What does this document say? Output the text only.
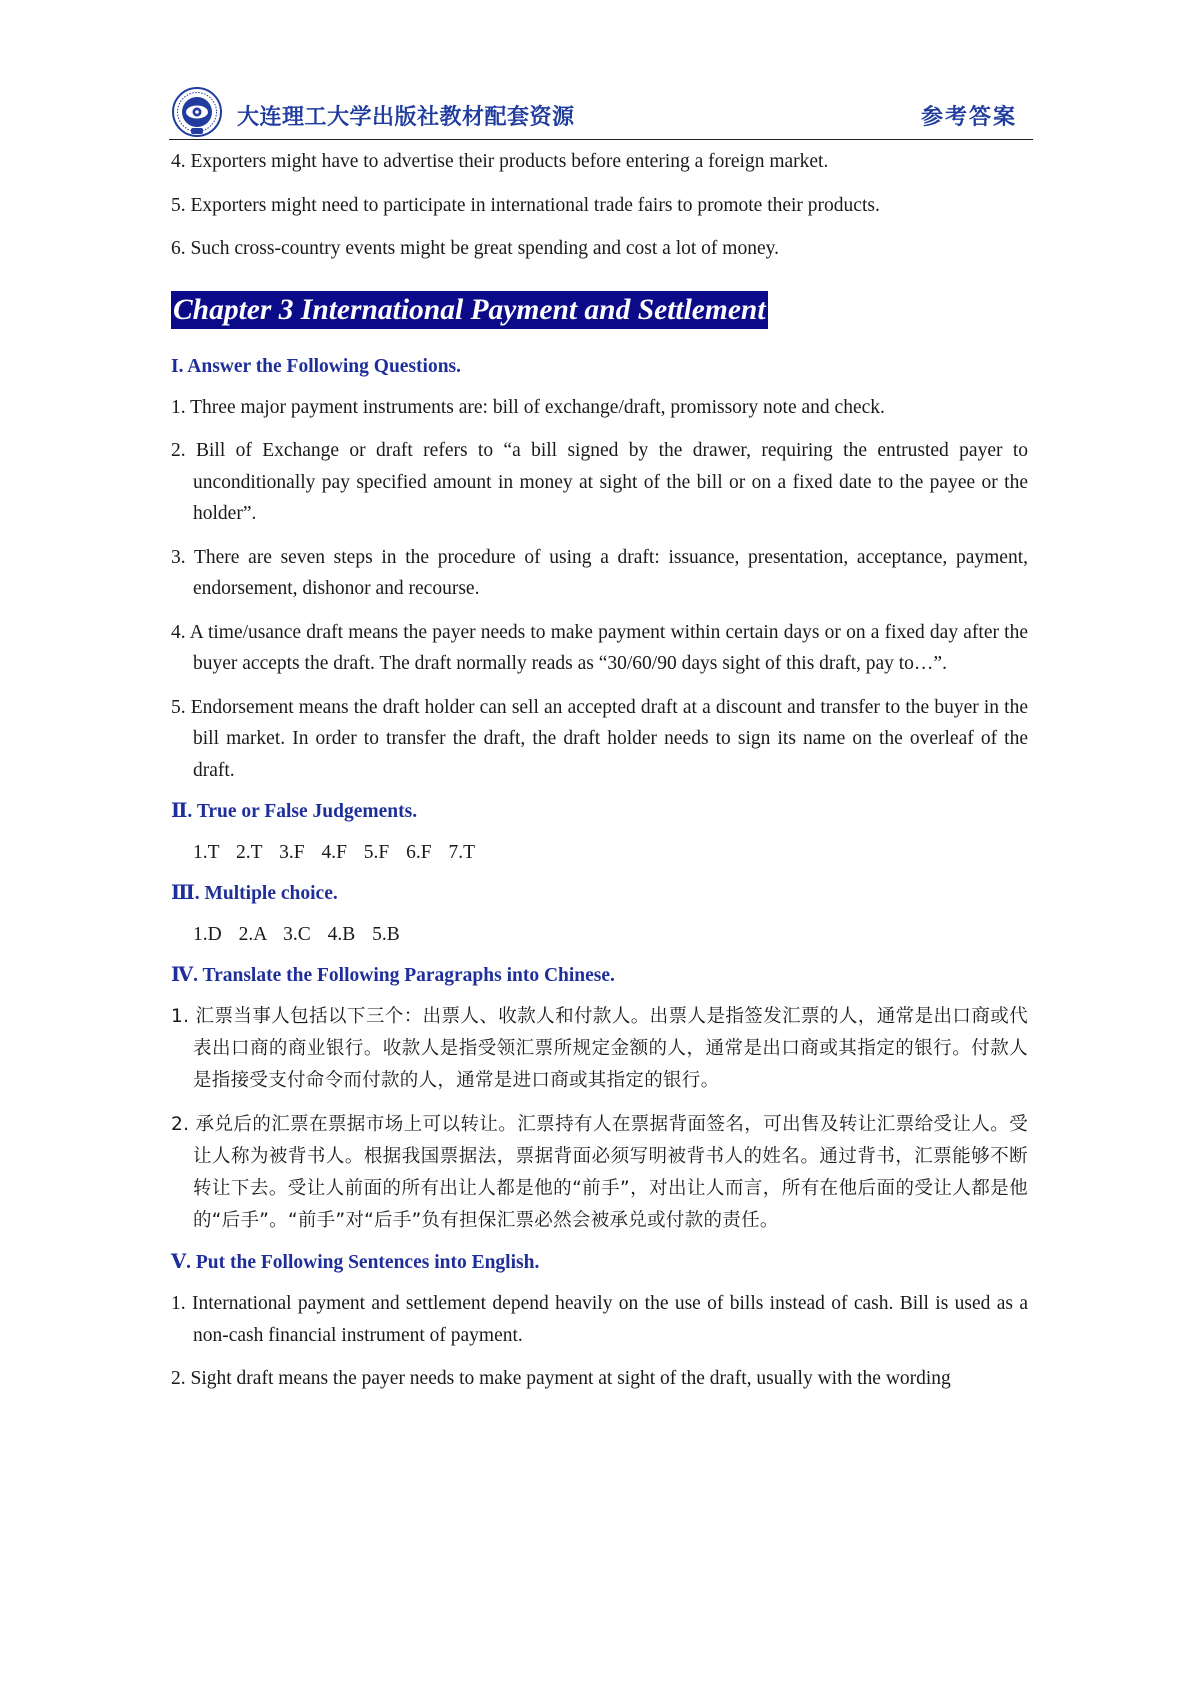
大连理工大学出版社教材配套资源	参考答案

4. Exporters might have to advertise their products before entering a foreign market.

5. Exporters might need to participate in international trade fairs to promote their products.

6. Such cross-country events might be great spending and cost a lot of money.

Chapter 3 International Payment and Settlement
I. Answer the Following Questions.

1. Three major payment instruments are: bill of exchange/draft, promissory note and check.

2. Bill of Exchange or draft refers to “a bill signed by the drawer, requiring the entrusted payer to unconditionally pay specified amount in money at sight of the bill or on a fixed date to the payee or the holder”.

3. There are seven steps in the procedure of using a draft: issuance, presentation, acceptance, payment, endorsement, dishonor and recourse.

4. A time/usance draft means the payer needs to make payment within certain days or on a fixed day after the buyer accepts the draft. The draft normally reads as “30/60/90 days sight of this draft, pay to…”.

5. Endorsement means the draft holder can sell an accepted draft at a discount and transfer to the buyer in the bill market. In order to transfer the draft, the draft holder needs to sign its name on the overleaf of the draft.

Ⅱ. True or False Judgements.
1.T 2.T 3.F 4.F 5.F 6.F 7.T
Ⅲ. Multiple choice.
1.D 2.A 3.C 4.B 5.B
Ⅳ. Translate the Following Paragraphs into Chinese.

1. 汇票当事人包括以下三个：出票人、收款人和付款人。出票人是指签发汇票的人，通常是出口商或代表出口商的商业银行。收款人是指受领汇票所规定金额的人，通常是出口商或其指定的银行。付款人是指接受支付命令而付款的人，通常是进口商或其指定的银行。

2. 承兑后的汇票在票据市场上可以转让。汇票持有人在票据背面签名，可出售及转让汇票给受让人。受让人称为被背书人。根据我国票据法，票据背面必须写明被背书人的姓名。通过背书，汇票能够不断转让下去。受让人前面的所有出让人都是他的“前手”，对出让人而言，所有在他后面的受让人都是他的“后手”。“前手”对“后手”负有担保汇票必然会被承兑或付款的责任。

Ⅴ. Put the Following Sentences into English.

1. International payment and settlement depend heavily on the use of bills instead of cash. Bill is used as a non-cash financial instrument of payment.

2. Sight draft means the payer needs to make payment at sight of the draft, usually with the wording
